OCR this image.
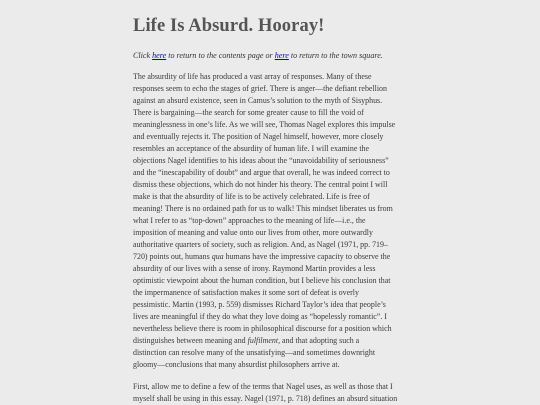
Life Is Absurd. Hooray!
Click here to return to the contents page or here to return to the town square.
The absurdity of life has produced a vast array of responses. Many of these
responses seem to echo the stages of grief. There is anger—the defiant rebellion
against an absurd existence, seen in Camus’s solution to the myth of Sisyphus.
There is bargaining—the search for some greater cause to fill the void of
meaninglessness in one’s life. As we will see, Thomas Nagel explores this impulse
and eventually rejects it. The position of Nagel himself, however, more closely
resembles an acceptance of the absurdity of human life. I will examine the
objections Nagel identifies to his ideas about the “unavoidability of seriousness”
and the “inescapability of doubt” and argue that overall, he was indeed correct to
dismiss these objections, which do not hinder his theory. The central point I will
make is that the absurdity of life is to be actively celebrated. Life is free of
meaning! There is no ordained path for us to walk! This mindset liberates us from
what I refer to as “top-down” approaches to the meaning of life—i.e., the
imposition of meaning and value onto our lives from other, more outwardly
authoritative quarters of society, such as religion. And, as Nagel (1971, pp. 719–
720) points out, humans qua humans have the impressive capacity to observe the
absurdity of our lives with a sense of irony. Raymond Martin provides a less
optimistic viewpoint about the human condition, but I believe his conclusion that
the impermanence of satisfaction makes it some sort of defeat is overly
pessimistic. Martin (1993, p. 559) dismisses Richard Taylor’s idea that people’s
lives are meaningful if they do what they love doing as “hopelessly romantic”. I
nevertheless believe there is room in philosophical discourse for a position which
distinguishes between meaning and fulfilment, and that adopting such a
distinction can resolve many of the unsatisfying—and sometimes downright
gloomy—conclusions that many absurdist philosophers arrive at.
First, allow me to define a few of the terms that Nagel uses, as well as those that I
myself shall be using in this essay. Nagel (1971, p. 718) defines an absurd situation
